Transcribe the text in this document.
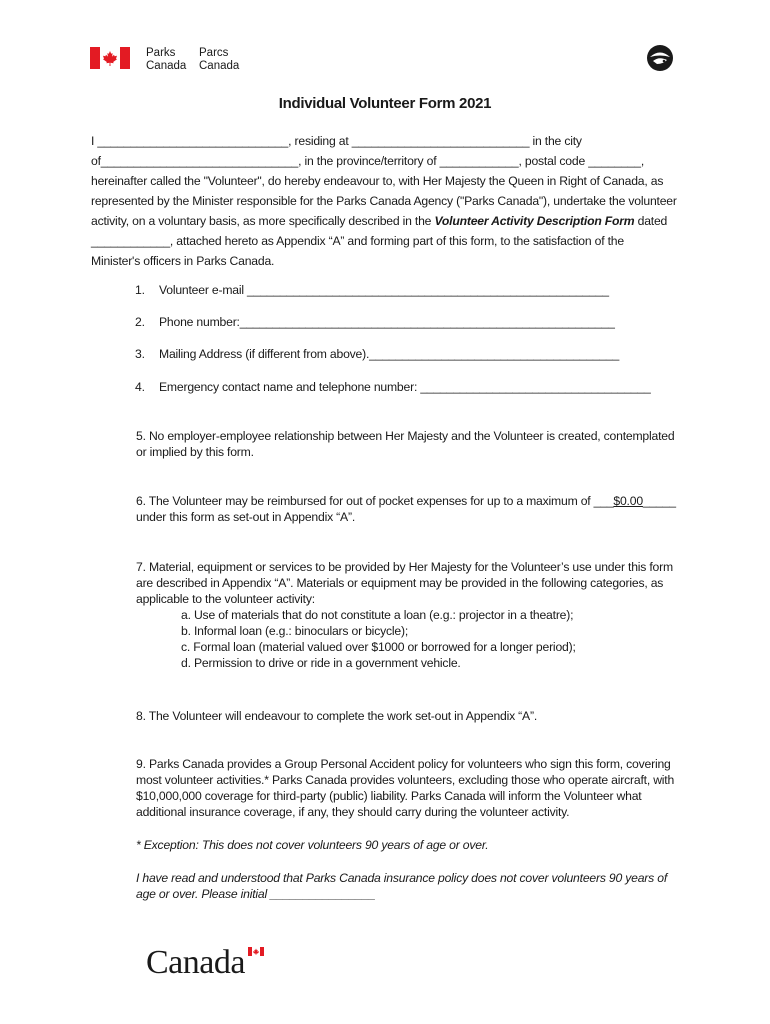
Parks
Canada
Parcs
Canada
Individual Volunteer Form 2021
I _____________________________, residing at ___________________________ in the city
of______________________________, in the province/territory of ____________, postal code ________,
hereinafter called the "Volunteer", do hereby endeavour to, with Her Majesty the Queen in Right of Canada, as
represented by the Minister responsible for the Parks Canada Agency ("Parks Canada"), undertake the volunteer
activity, on a voluntary basis, as more specifically described in the Volunteer Activity Description Form dated
____________, attached hereto as Appendix “A” and forming part of this form, to the satisfaction of the
Minister's officers in Parks Canada.
1. Volunteer e-mail _______________________________________________________
2. Phone number:_________________________________________________________
3. Mailing Address (if different from above).______________________________________
4. Emergency contact name and telephone number: ___________________________________
5. No employer-employee relationship between Her Majesty and the Volunteer is created, contemplated
or implied by this form.
6. The Volunteer may be reimbursed for out of pocket expenses for up to a maximum of ___$0.00_____
under this form as set-out in Appendix “A”.
7. Material, equipment or services to be provided by Her Majesty for the Volunteer’s use under this form
are described in Appendix “A”. Materials or equipment may be provided in the following categories, as
applicable to the volunteer activity:
a. Use of materials that do not constitute a loan (e.g.: projector in a theatre);
b. Informal loan (e.g.: binoculars or bicycle);
c. Formal loan (material valued over $1000 or borrowed for a longer period);
d. Permission to drive or ride in a government vehicle.
8. The Volunteer will endeavour to complete the work set-out in Appendix “A”.
9. Parks Canada provides a Group Personal Accident policy for volunteers who sign this form, covering
most volunteer activities.* Parks Canada provides volunteers, excluding those who operate aircraft, with
$10,000,000 coverage for third-party (public) liability. Parks Canada will inform the Volunteer what
additional insurance coverage, if any, they should carry during the volunteer activity.
* Exception: This does not cover volunteers 90 years of age or over.
I have read and understood that Parks Canada insurance policy does not cover volunteers 90 years of
age or over. Please initial ________________
Canada
